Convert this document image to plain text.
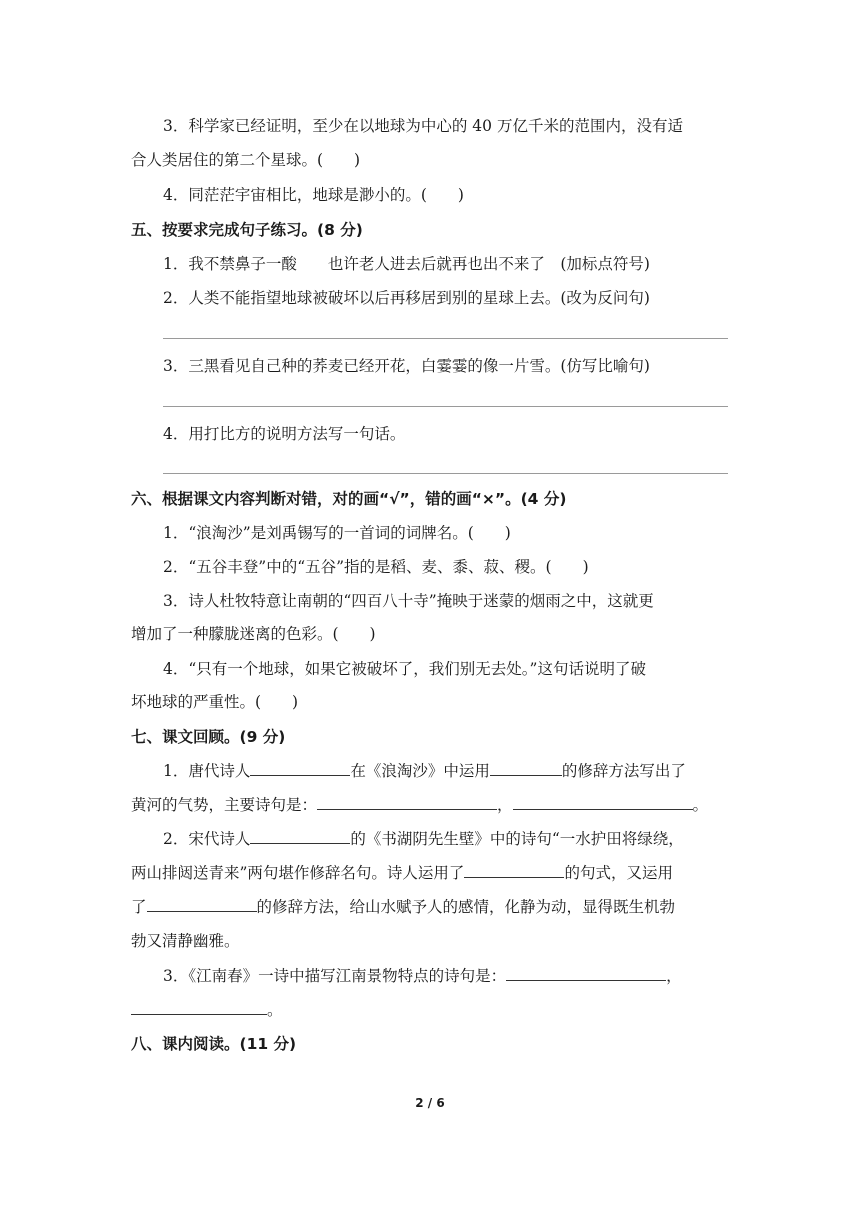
3．科学家已经证明，至少在以地球为中心的 40 万亿千米的范围内，没有适
合人类居住的第二个星球。(　　)
4．同茫茫宇宙相比，地球是渺小的。(　　)
五、按要求完成句子练习。(8 分)
1．我不禁鼻子一酸　　也许老人进去后就再也出不来了　(加标点符号)
2．人类不能指望地球被破坏以后再移居到别的星球上去。(改为反问句)
3．三黑看见自己种的荞麦已经开花，白霎霎的像一片雪。(仿写比喻句)
4．用打比方的说明方法写一句话。
六、根据课文内容判断对错，对的画“√”，错的画“×”。(4 分)
1．“浪淘沙”是刘禹锡写的一首词的词牌名。(　　)
2．“五谷丰登”中的“五谷”指的是稻、麦、黍、菽、稷。(　　)
3．诗人杜牧特意让南朝的“四百八十寺”掩映于迷蒙的烟雨之中，这就更
增加了一种朦胧迷离的色彩。(　　)
4．“只有一个地球，如果它被破坏了，我们别无去处。”这句话说明了破
坏地球的严重性。(　　)
七、课文回顾。(9 分)
1．唐代诗人	在《浪淘沙》中运用	的修辞方法写出了
黄河的气势，主要诗句是：	，	。
2．宋代诗人	的《书湖阴先生壁》中的诗句“一水护田将绿绕，
两山排闼送青来”两句堪作修辞名句。诗人运用了	的句式，又运用
了	的修辞方法，给山水赋予人的感情，化静为动，显得既生机勃
勃又清静幽雅。
3．《江南春》一诗中描写江南景物特点的诗句是：	，
。
八、课内阅读。(11 分)
2 / 6
